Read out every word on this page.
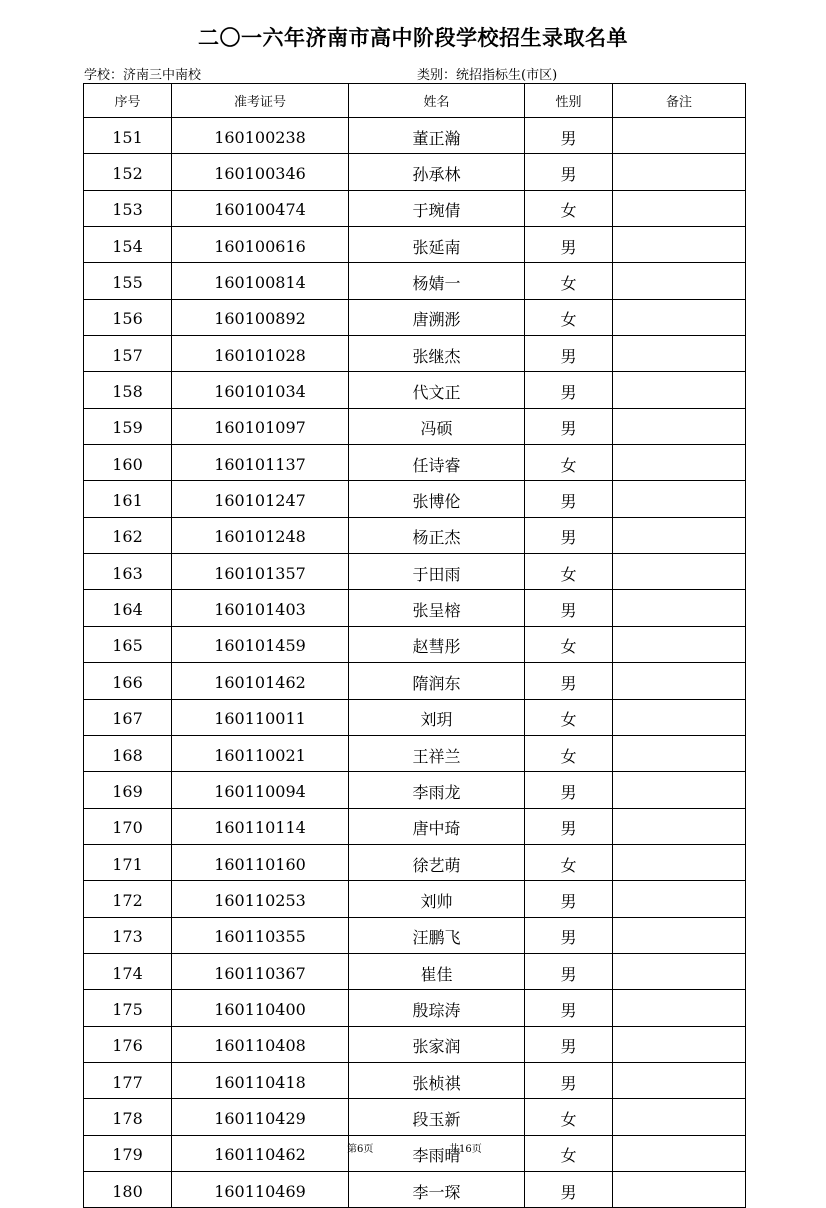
二〇一六年济南市高中阶段学校招生录取名单
学校：济南三中南校	类别：统招指标生(市区)
序号	准考证号	姓名	性别	备注
151	160100238	董正瀚	男	
152	160100346	孙承林	男	
153	160100474	于琬倩	女	
154	160100616	张延南	男	
155	160100814	杨婧一	女	
156	160100892	唐溯浵	女	
157	160101028	张继杰	男	
158	160101034	代文正	男	
159	160101097	冯硕	男	
160	160101137	任诗睿	女	
161	160101247	张博伦	男	
162	160101248	杨正杰	男	
163	160101357	于田雨	女	
164	160101403	张呈榕	男	
165	160101459	赵彗彤	女	
166	160101462	隋润东	男	
167	160110011	刘玥	女	
168	160110021	王祥兰	女	
169	160110094	李雨龙	男	
170	160110114	唐中琦	男	
171	160110160	徐艺萌	女	
172	160110253	刘帅	男	
173	160110355	汪鹏飞	男	
174	160110367	崔佳	男	
175	160110400	殷琮涛	男	
176	160110408	张家润	男	
177	160110418	张桢祺	男	
178	160110429	段玉新	女	
179	160110462	李雨晴	女	
180	160110469	李一琛	男	
第6页	共16页
